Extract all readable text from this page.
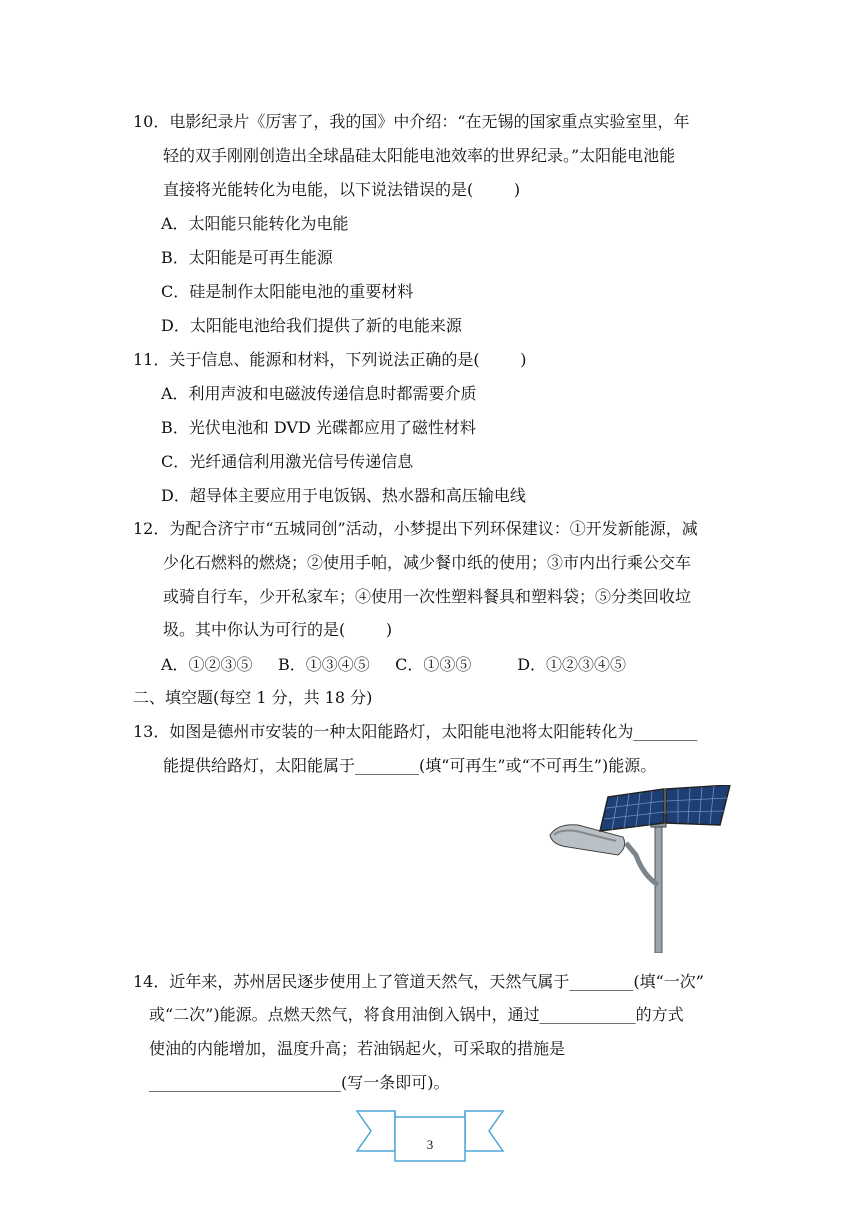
10．电影纪录片《厉害了，我的国》中介绍：“在无锡的国家重点实验室里，年
轻的双手刚刚创造出全球晶硅太阳能电池效率的世界纪录。”太阳能电池能
直接将光能转化为电能，以下说法错误的是(        )
A．太阳能只能转化为电能
B．太阳能是可再生能源
C．硅是制作太阳能电池的重要材料
D．太阳能电池给我们提供了新的电能来源
11．关于信息、能源和材料，下列说法正确的是(        )
A．利用声波和电磁波传递信息时都需要介质
B．光伏电池和 DVD 光碟都应用了磁性材料
C．光纤通信利用激光信号传递信息
D．超导体主要应用于电饭锅、热水器和高压输电线
12．为配合济宁市“五城同创”活动，小梦提出下列环保建议：①开发新能源，减
少化石燃料的燃烧；②使用手帕，减少餐巾纸的使用；③市内出行乘公交车
或骑自行车，少开私家车；④使用一次性塑料餐具和塑料袋；⑤分类回收垃
圾。其中你认为可行的是(        )
A．①②③⑤     B．①③④⑤     C．①③⑤         D．①②③④⑤
二、填空题(每空 1 分，共 18 分)
13．如图是德州市安装的一种太阳能路灯，太阳能电池将太阳能转化为________
能提供给路灯，太阳能属于________(填“可再生”或“不可再生”)能源。
14．近年来，苏州居民逐步使用上了管道天然气，天然气属于________(填“一次”
或“二次”)能源。点燃天然气，将食用油倒入锅中，通过____________的方式
使油的内能增加，温度升高；若油锅起火，可采取的措施是
________________________(写一条即可)。
3
